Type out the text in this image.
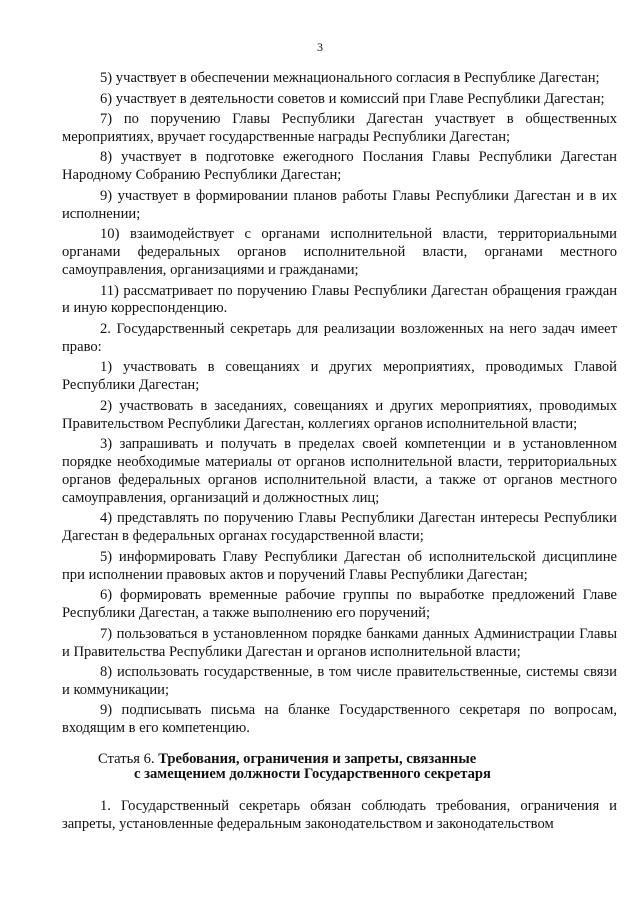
3

5) участвует в обеспечении межнационального согласия в Республике Дагестан;

6) участвует в деятельности советов и комиссий при Главе Республики Дагестан;

7) по поручению Главы Республики Дагестан участвует в общественных мероприятиях, вручает государственные награды Республики Дагестан;

8) участвует в подготовке ежегодного Послания Главы Республики Дагестан Народному Собранию Республики Дагестан;

9) участвует в формировании планов работы Главы Республики Дагестан и в их исполнении;

10) взаимодействует с органами исполнительной власти, территориальными органами федеральных органов исполнительной власти, органами местного самоуправления, организациями и гражданами;

11) рассматривает по поручению Главы Республики Дагестан обращения граждан и иную корреспонденцию.

2. Государственный секретарь для реализации возложенных на него задач имеет право:

1) участвовать в совещаниях и других мероприятиях, проводимых Главой Республики Дагестан;

2) участвовать в заседаниях, совещаниях и других мероприятиях, проводимых Правительством Республики Дагестан, коллегиях органов исполнительной власти;

3) запрашивать и получать в пределах своей компетенции и в установленном порядке необходимые материалы от органов исполнительной власти, территориальных органов федеральных органов исполнительной власти, а также от органов местного самоуправления, организаций и должностных лиц;

4) представлять по поручению Главы Республики Дагестан интересы Республики Дагестан в федеральных органах государственной власти;

5) информировать Главу Республики Дагестан об исполнительской дисциплине при исполнении правовых актов и поручений Главы Республики Дагестан;

6) формировать временные рабочие группы по выработке предложений Главе Республики Дагестан, а также выполнению его поручений;

7) пользоваться в установленном порядке банками данных Администрации Главы и Правительства Республики Дагестан и органов исполнительной власти;

8) использовать государственные, в том числе правительственные, системы связи и коммуникации;

9) подписывать письма на бланке Государственного секретаря по вопросам, входящим в его компетенцию.

Статья 6. Требования, ограничения и запреты, связанные
с замещением должности Государственного секретаря

1. Государственный секретарь обязан соблюдать требования, ограничения и запреты, установленные федеральным законодательством и законодательством
